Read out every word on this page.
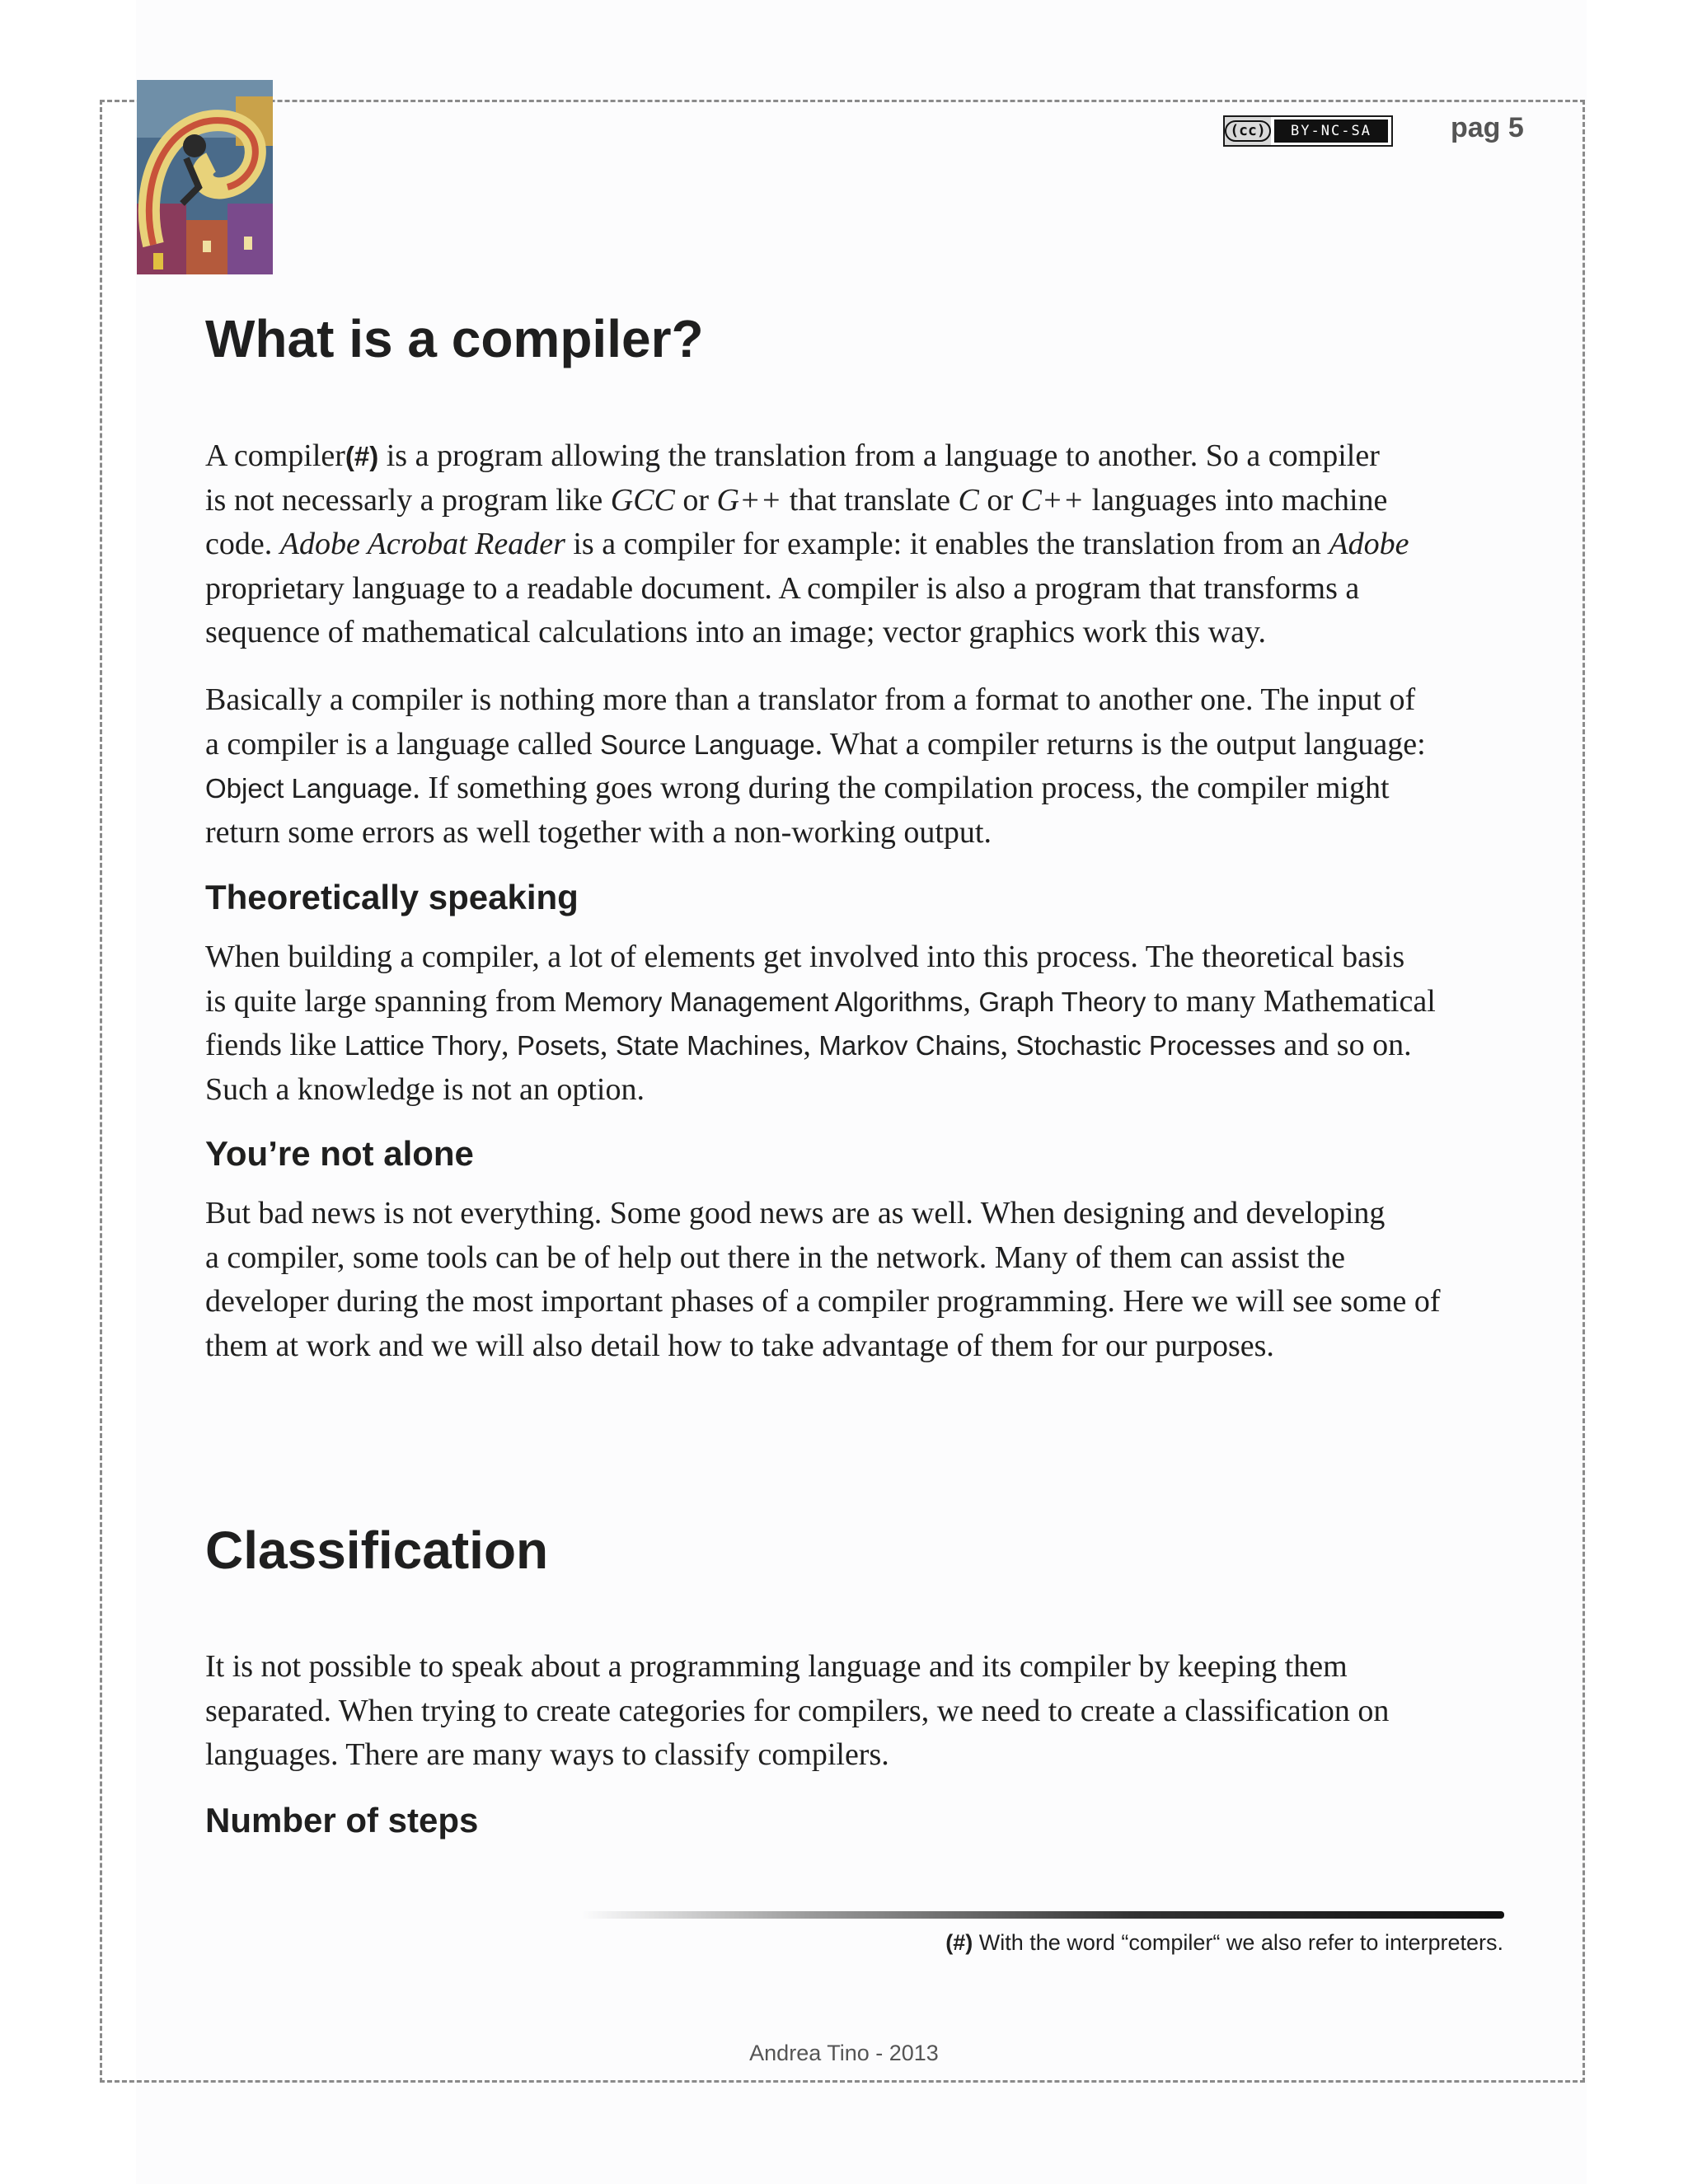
(cc)	BY-NC-SA	pag 5
What is a compiler?
A compiler(#) is a program allowing the translation from a language to another. So a compiler
is not necessarly a program like GCC or G++ that translate C or C++ languages into machine
code. Adobe Acrobat Reader is a compiler for example: it enables the translation from an Adobe
proprietary language to a readable document. A compiler is also a program that transforms a
sequence of mathematical calculations into an image; vector graphics work this way.
Basically a compiler is nothing more than a translator from a format to another one. The input of
a compiler is a language called Source Language. What a compiler returns is the output language:
Object Language. If something goes wrong during the compilation process, the compiler might
return some errors as well together with a non-working output.
Theoretically speaking
When building a compiler, a lot of elements get involved into this process. The theoretical basis
is quite large spanning from Memory Management Algorithms, Graph Theory to many Mathematical
fiends like Lattice Thory, Posets, State Machines, Markov Chains, Stochastic Processes and so on.
Such a knowledge is not an option.
You’re not alone
But bad news is not everything. Some good news are as well. When designing and developing
a compiler, some tools can be of help out there in the network. Many of them can assist the
developer during the most important phases of a compiler programming. Here we will see some of
them at work and we will also detail how to take advantage of them for our purposes.
Classification
It is not possible to speak about a programming language and its compiler by keeping them
separated. When trying to create categories for compilers, we need to create a classification on
languages. There are many ways to classify compilers.
Number of steps
(#) With the word “compiler“ we also refer to interpreters.
Andrea Tino - 2013
